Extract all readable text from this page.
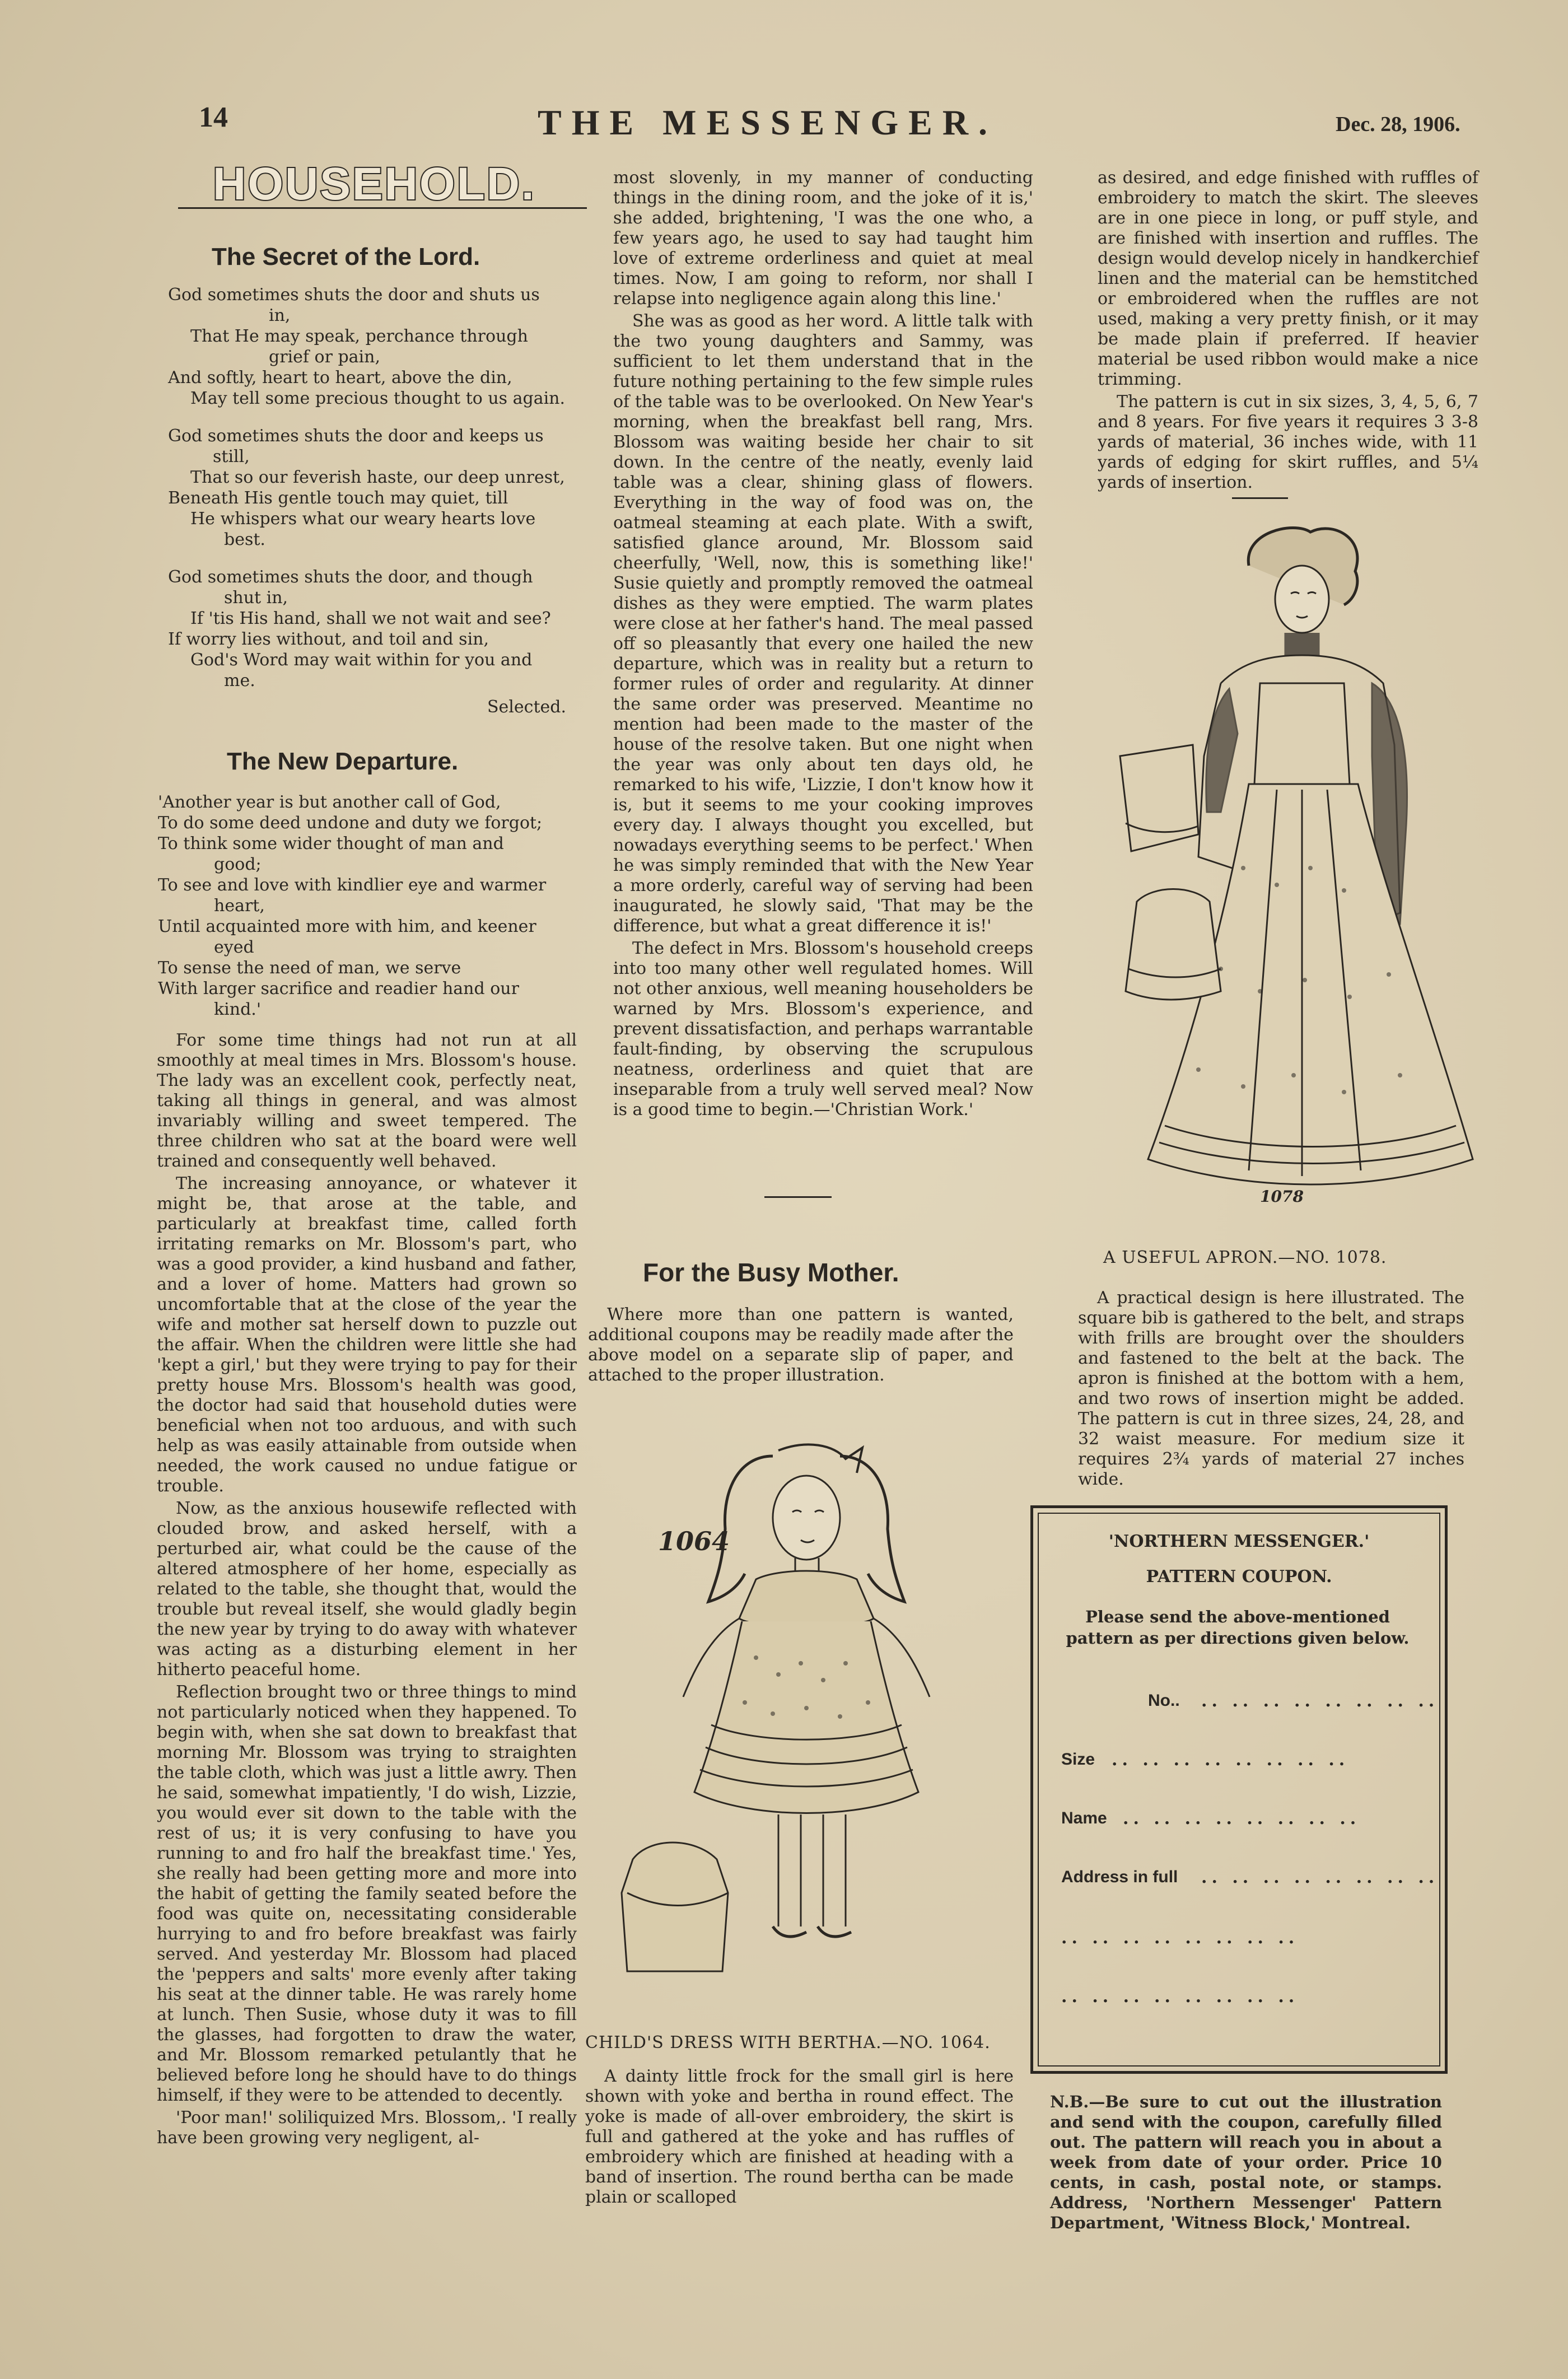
14	THE MESSENGER.	Dec. 28, 1906.
HOUSEHOLD.
The Secret of the Lord.
God sometimes shuts the door and shuts us
in,
That He may speak, perchance through
grief or pain,
And softly, heart to heart, above the din,
May tell some precious thought to us again.
God sometimes shuts the door and keeps us
still,
That so our feverish haste, our deep unrest,
Beneath His gentle touch may quiet, till
He whispers what our weary hearts love
best.
God sometimes shuts the door, and though
shut in,
If 'tis His hand, shall we not wait and see?
If worry lies without, and toil and sin,
God's Word may wait within for you and
me.
Selected.
The New Departure.
'Another year is but another call of God,
To do some deed undone and duty we forgot;
To think some wider thought of man and
good;
To see and love with kindlier eye and warmer
heart,
Until acquainted more with him, and keener
eyed
To sense the need of man, we serve
With larger sacrifice and readier hand our
kind.'

For some time things had not run at all smoothly at meal times in Mrs. Blossom's house. The lady was an excellent cook, perfectly neat, taking all things in general, and was almost invariably willing and sweet tempered. The three children who sat at the board were well trained and consequently well behaved.

The increasing annoyance, or whatever it might be, that arose at the table, and particularly at breakfast time, called forth irritating remarks on Mr. Blossom's part, who was a good provider, a kind husband and father, and a lover of home. Matters had grown so uncomfortable that at the close of the year the wife and mother sat herself down to puzzle out the affair. When the children were little she had 'kept a girl,' but they were trying to pay for their pretty house Mrs. Blossom's health was good, the doctor had said that household duties were beneficial when not too arduous, and with such help as was easily attainable from outside when needed, the work caused no undue fatigue or trouble.

Now, as the anxious housewife reflected with clouded brow, and asked herself, with a perturbed air, what could be the cause of the altered atmosphere of her home, especially as related to the table, she thought that, would the trouble but reveal itself, she would gladly begin the new year by trying to do away with whatever was acting as a disturbing element in her hitherto peaceful home.

Reflection brought two or three things to mind not particularly noticed when they happened. To begin with, when she sat down to breakfast that morning Mr. Blossom was trying to straighten the table cloth, which was just a little awry. Then he said, somewhat impatiently, 'I do wish, Lizzie, you would ever sit down to the table with the rest of us; it is very confusing to have you running to and fro half the breakfast time.' Yes, she really had been getting more and more into the habit of getting the family seated before the food was quite on, necessitating considerable hurrying to and fro before breakfast was fairly served. And yesterday Mr. Blossom had placed the 'peppers and salts' more evenly after taking his seat at the dinner table. He was rarely home at lunch. Then Susie, whose duty it was to fill the glasses, had forgotten to draw the water, and Mr. Blossom remarked petulantly that he believed before long he should have to do things himself, if they were to be attended to decently.

'Poor man!' soliliquized Mrs. Blossom,. 'I really have been growing very negligent, al-

most slovenly, in my manner of conducting things in the dining room, and the joke of it is,' she added, brightening, 'I was the one who, a few years ago, he used to say had taught him love of extreme orderliness and quiet at meal times. Now, I am going to reform, nor shall I relapse into negligence again along this line.'

She was as good as her word. A little talk with the two young daughters and Sammy, was sufficient to let them understand that in the future nothing pertaining to the few simple rules of the table was to be overlooked. On New Year's morning, when the breakfast bell rang, Mrs. Blossom was waiting beside her chair to sit down. In the centre of the neatly, evenly laid table was a clear, shining glass of flowers. Everything in the way of food was on, the oatmeal steaming at each plate. With a swift, satisfied glance around, Mr. Blossom said cheerfully, 'Well, now, this is something like!' Susie quietly and promptly removed the oatmeal dishes as they were emptied. The warm plates were close at her father's hand. The meal passed off so pleasantly that every one hailed the new departure, which was in reality but a return to former rules of order and regularity. At dinner the same order was preserved. Meantime no mention had been made to the master of the house of the resolve taken. But one night when the year was only about ten days old, he remarked to his wife, 'Lizzie, I don't know how it is, but it seems to me your cooking improves every day. I always thought you excelled, but nowadays everything seems to be perfect.' When he was simply reminded that with the New Year a more orderly, careful way of serving had been inaugurated, he slowly said, 'That may be the difference, but what a great difference it is!'

The defect in Mrs. Blossom's household creeps into too many other well regulated homes. Will not other anxious, well meaning householders be warned by Mrs. Blossom's experience, and prevent dissatisfaction, and perhaps warrantable fault-finding, by observing the scrupulous neatness, orderliness and quiet that are inseparable from a truly well served meal? Now is a good time to begin.—'Christian Work.'

For the Busy Mother.

Where more than one pattern is wanted, additional coupons may be readily made after the above model on a separate slip of paper, and attached to the proper illustration.

1064
CHILD'S DRESS WITH BERTHA.—NO. 1064.

A dainty little frock for the small girl is here shown with yoke and bertha in round effect. The yoke is made of all-over embroidery, the skirt is full and gathered at the yoke and has ruffles of embroidery which are finished at heading with a band of insertion. The round bertha can be made plain or scalloped

as desired, and edge finished with ruffles of embroidery to match the skirt. The sleeves are in one piece in long, or puff style, and are finished with insertion and ruffles. The design would develop nicely in handkerchief linen and the material can be hemstitched or embroidered when the ruffles are not used, making a very pretty finish, or it may be made plain if preferred. If heavier material be used ribbon would make a nice trimming.

The pattern is cut in six sizes, 3, 4, 5, 6, 7 and 8 years. For five years it requires 3 3-8 yards of material, 36 inches wide, with 11 yards of edging for skirt ruffles, and 5¼ yards of insertion.

1078
A USEFUL APRON.—NO. 1078.

A practical design is here illustrated. The square bib is gathered to the belt, and straps with frills are brought over the shoulders and fastened to the belt at the back. The apron is finished at the bottom with a hem, and two rows of insertion might be added. The pattern is cut in three sizes, 24, 28, and 32 waist measure. For medium size it requires 2¾ yards of material 27 inches wide.

'NORTHERN MESSENGER.'
PATTERN COUPON.
Please send the above-mentioned pattern as per directions given below.
No.. .. .. .. .. .. .. .. ..
Size .. .. .. .. .. .. .. ..
Name .. .. .. .. .. .. .. ..
Address in full .. .. .. .. .. .. .. ..
.. .. .. .. .. .. .. ..
.. .. .. .. .. .. .. ..

N.B.—Be sure to cut out the illustration and send with the coupon, carefully filled out. The pattern will reach you in about a week from date of your order. Price 10 cents, in cash, postal note, or stamps. Address, 'Northern Messenger' Pattern Department, 'Witness Block,' Montreal.
